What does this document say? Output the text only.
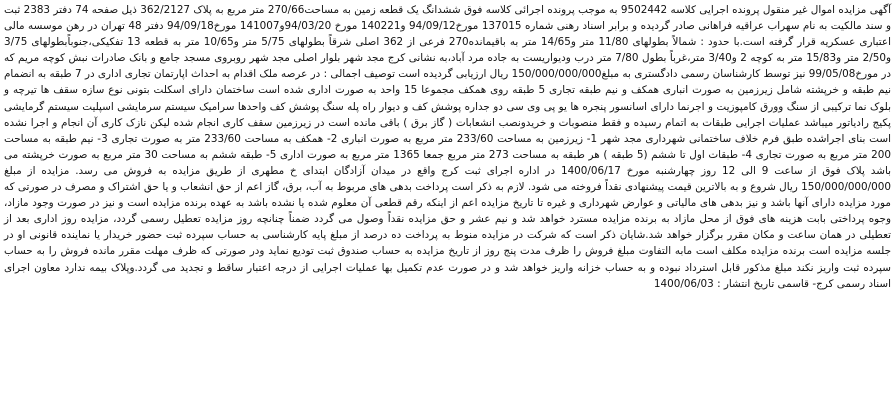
آگهی مزایده اموال غیر منقول پرونده اجرایی کلاسه 9502442 به موجب پرونده اجرائی کلاسه فوق ششدانگ یک قطعه زمین به مساحت270/66 متر مربع به پلاک 362/2127 ذیل صفحه 74 دفتر 2383 ثبت و سند مالکیت به نام سهراب عراقیه فراهانی صادر گردیده و برابر اسناد رهنی شماره 137015 مورخ94/09/12 و140221 مورخ 94/03/20و141007 مورخ94/09/18 دفتر 48 تهران در رهن موسسه مالی اعتباری عسکریه قرار گرفته است.با حدود : شمالاً بطولهای 11/80 متر و14/65 متر به باقیمانده270 فرعی از 362 اصلی شرقاً بطولهای 5/75 متر و10/65 متر به قطعه 13 تفکیکی،جنوباًبطولهای 3/75 و2/50 متر و15/83 متر به کوچه 2 و3/40 متر،غرباً بطول 7/80 متر درب ودیواریست به جاده مرد آباد،به نشانی کرج مجد شهر بلوار اصلی مجد شهر روبروی مسجد جامع و بانک صادرات نبش کوچه مریم که در مورخ99/05/08 نیز توسط کارشناسان رسمی دادگستری به مبلغ150/000/000/000 ریال ارزیابی گردیده است توصیف اجمالی : در عرصه ملک اقدام به احداث اپارتمان تجاری اداری در 7 طبقه به انضمام نیم طبقه و خرپشته شامل زیرزمین به صورت انباری همکف و نیم طبقه تجاری 5 طبقه روی همکف مجموعا 15 واحد به صورت اداری شده است ساختمان دارای اسکلت بتونی نوع سازه سقف ها تیرچه و بلوک نما ترکیبی از سنگ وورق کامپوزیت و اجرنما دارای اسانسور پنجره ها یو پی وی سی دو جداره پوشش کف و دیوار راه پله سنگ پوشش کف واحدها سرامیک سیستم سرمایشی اسپلیت سیستم گرمایشی پکیج رادیاتور میباشد عملیات اجرایی طبقات به اتمام رسیده و فقط منصوبات و خریدونصب انشعابات ( گاز برق ) باقی مانده است در زیرزمین سقف کاری انجام شده لیکن نازک کاری آن انجام و اجرا نشده است بنای اجراشده طبق فرم خلاف ساختمانی شهرداری مجد شهر 1- زیرزمین به مساحت 233/60 متر مربع به صورت انباری 2- همکف به مساحت 233/60 متر به صورت تجاری 3- نیم طبقه به مساحت 200 متر مربع به صورت تجاری 4- طبقات اول تا ششم (5 طبقه ) هر طبقه به مساحت 273 متر مربع جمعا 1365 متر مربع به صورت اداری 5- طبقه ششم به مساحت 30 متر مربع به صورت خرپشته می باشد پلاک فوق از ساعت 9 الی 12 روز چهارشنبه مورخ 1400/06/17 در اداره اجرای ثبت کرج واقع در میدان آزادگان ابتدای خ مطهری از طریق مزایده به فروش می رسد. مزایده از مبلغ 150/000/000/000 ریال شروع و به بالاترین قیمت پیشنهادی نقداً فروخته می شود. لازم به ذکر است پرداخت بدهی های مربوط به آب، برق، گاز اعم از حق انشعاب و یا حق اشتراک و مصرف در صورتی که مورد مزایده دارای آنها باشد و نیز بدهی های مالیاتی و عوارض شهرداری و غیره تا تاریخ مزایده اعم از اینکه رقم قطعی آن معلوم شده یا نشده باشد به عهده برنده مزایده است و نیز در صورت وجود مازاد، وجوه پرداختی بابت هزینه های فوق از محل مازاد به برنده مزایده مسترد خواهد شد و نیم عشر و حق مزایده نقداً وصول می گردد ضمناً چنانچه روز مزایده تعطیل رسمی گردد، مزایده روز اداری بعد از تعطیلی در همان ساعت و مکان مقرر برگزار خواهد شد.شایان ذکر است که شرکت در مزایده منوط به پرداخت ده درصد از مبلغ پایه کارشناسی به حساب سپرده ثبت حضور خریدار یا نماینده قانونی او در جلسه مزایده است برنده مزایده مکلف است مابه التفاوت مبلغ فروش را ظرف مدت پنج روز از تاریخ مزایده به حساب صندوق ثبت تودیع نماید ودر صورتی که ظرف مهلت مقرر مانده فروش را به حساب سپرده ثبت واریز نکند مبلغ مذکور قابل استرداد نبوده و به حساب خزانه واریز خواهد شد و در صورت عدم تکمیل بها عملیات اجرایی از درجه اعتبار ساقط و تجدید می گردد.وپلاک بیمه ندارد معاون اجرای اسناد رسمی کرج- قاسمی تاریخ انتشار : 1400/06/03
